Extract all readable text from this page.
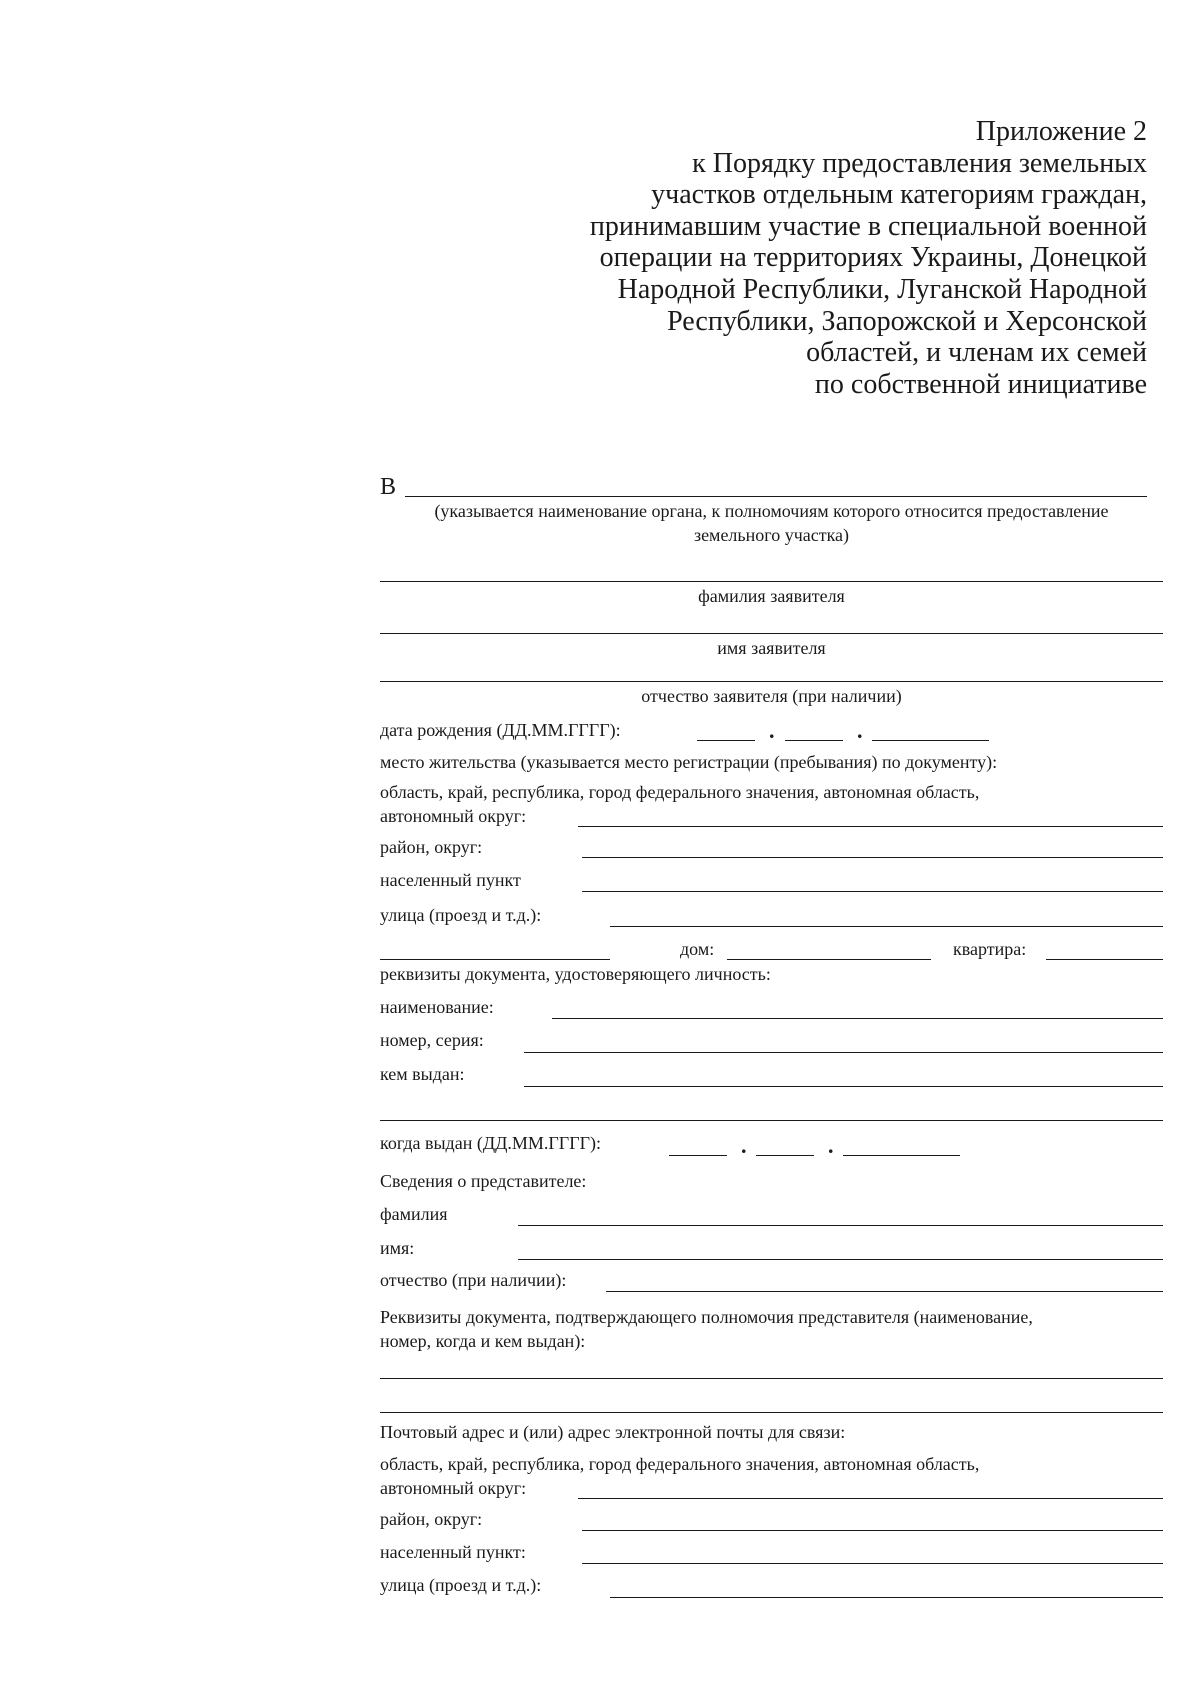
Приложение 2
к Порядку предоставления земельных
участков отдельным категориям граждан,
принимавшим участие в специальной военной
операции на территориях Украины, Донецкой
Народной Республики, Луганской Народной
Республики, Запорожской и Херсонской
областей, и членам их семей
по собственной инициативе
В
(указывается наименование органа, к полномочиям которого относится предоставление
земельного участка)
фамилия заявителя
имя заявителя
отчество заявителя (при наличии)
дата рождения (ДД.ММ.ГГГГ):	.	.
место жительства (указывается место регистрации (пребывания) по документу):
область, край, республика, город федерального значения, автономная область,
автономный округ:
район, округ:
населенный пункт
улица (проезд и т.д.):
дом:	квартира:
реквизиты документа, удостоверяющего личность:
наименование:
номер, серия:
кем выдан:
когда выдан (ДД.ММ.ГГГГ):	.	.
Сведения о представителе:
фамилия
имя:
отчество (при наличии):
Реквизиты документа, подтверждающего полномочия представителя (наименование,
номер, когда и кем выдан):
Почтовый адрес и (или) адрес электронной почты для связи:
область, край, республика, город федерального значения, автономная область,
автономный округ:
район, округ:
населенный пункт:
улица (проезд и т.д.):
